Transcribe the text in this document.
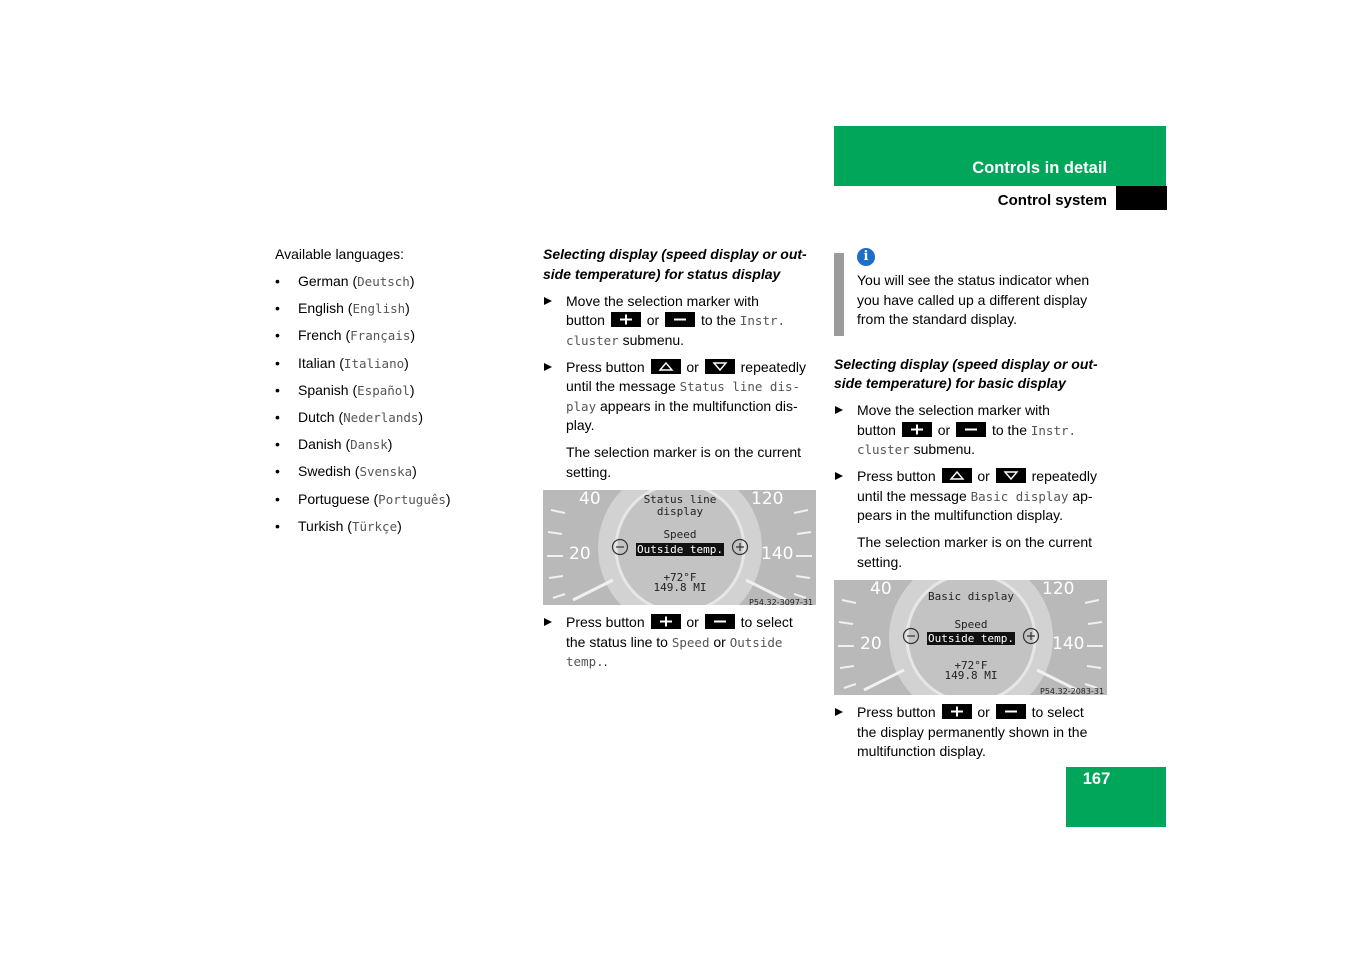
Controls in detail
Control system

Available languages:

• German (Deutsch)
• English (English)
• French (Français)
• Italian (Italiano)
• Spanish (Español)
• Dutch (Nederlands)
• Danish (Dansk)
• Swedish (Svenska)
• Portuguese (Português)
• Turkish (Türkçe)

Selecting display (speed display or out-
side temperature) for status display

Move the selection marker with
button	or	to the Instr.
cluster submenu.
Press button	or	repeatedly
until the message Status line dis-
play appears in the multifunction dis-
play.

The selection marker is on the current
setting.

40	120
20	140
Status line
display
Speed
Outside temp.
+72°F
149.8 MI
P54.32-3097-31
Press button	or	to select
the status line to Speed or Outside
temp..
i
You will see the status indicator when
you have called up a different display
from the standard display.

Selecting display (speed display or out-
side temperature) for basic display

Move the selection marker with
button	or	to the Instr.
cluster submenu.
Press button	or	repeatedly
until the message Basic display ap-
pears in the multifunction display.

The selection marker is on the current
setting.

40	120
20	140
Basic display
Speed
Outside temp.
+72°F
149.8 MI
P54.32-2083-31
Press button	or	to select
the display permanently shown in the
multifunction display.
167
